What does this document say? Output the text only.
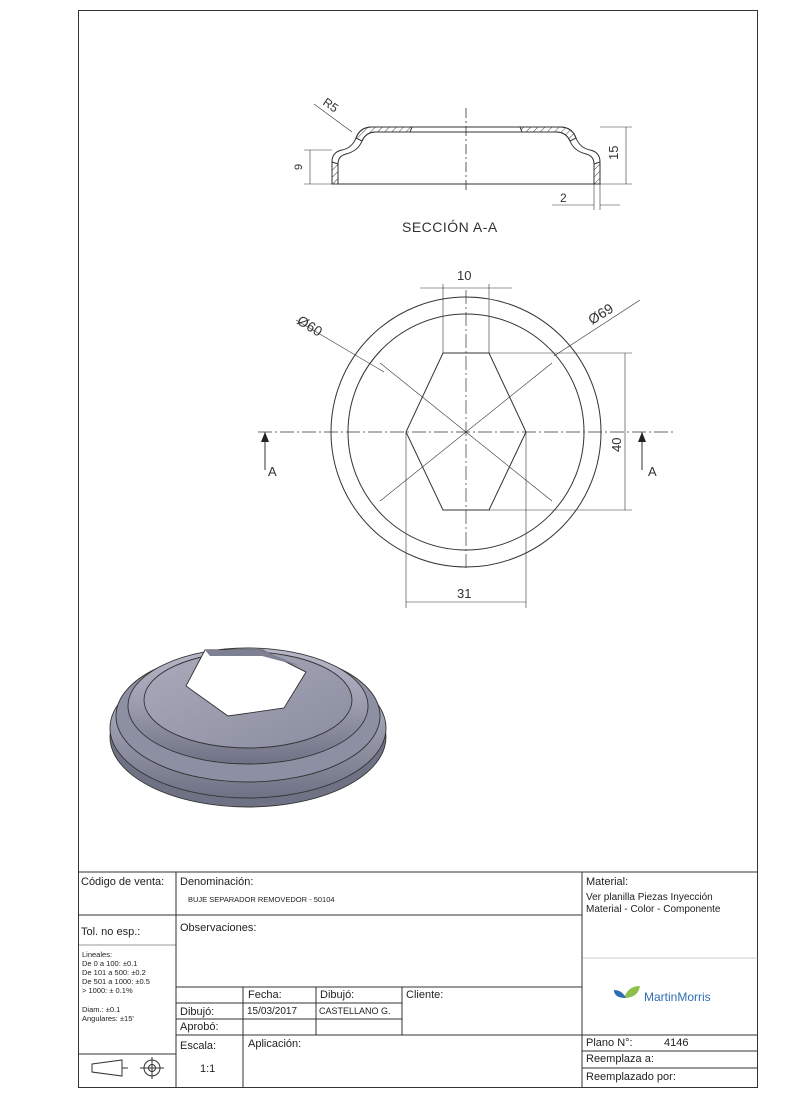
R5
9
15
2
SECCIÓN A-A
A	A
10
Ø60	Ø69
40
31
Código de venta: Denominación:
BUJE SEPARADOR REMOVEDOR - 50104
Material:
Ver planilla Piezas Inyección
Material - Color - Componente
Tol. no esp.:
Lineales:
De 0 a 100: ±0.1
De 101 a 500: ±0.2
De 501 a 1000: ±0.5
> 1000: ± 0.1%
Diam.: ±0.1
Angulares: ±15'
Observaciones:
Fecha:	Dibujó:	Cliente:
Dibujó:	15/03/2017 CASTELLANO G.
Aprobó:
Escala:
1:1
Aplicación:
MartinMorris
Plano N°:	4146
Reemplaza a:
Reemplazado por:
